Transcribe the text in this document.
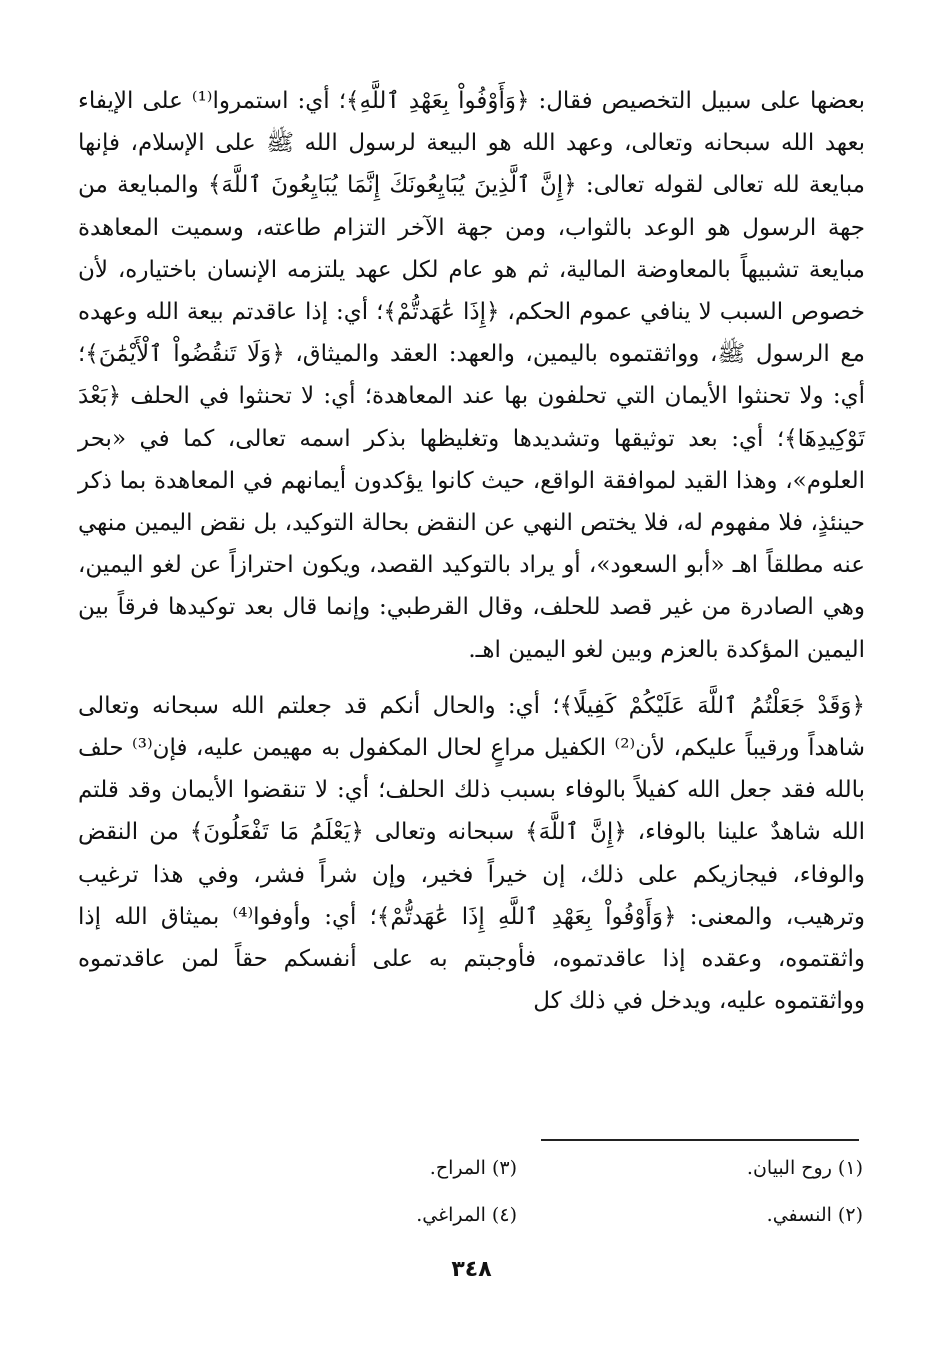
بعضها على سبيل التخصيص فقال: ﴿وَأَوْفُواْ بِعَهْدِ ٱللَّهِ﴾؛ أي: استمروا⁽¹⁾ على الإيفاء بعهد الله سبحانه وتعالى، وعهد الله هو البيعة لرسول الله ﷺ على الإسلام، فإنها مبايعة لله تعالى لقوله تعالى: ﴿إِنَّ ٱلَّذِينَ يُبَايِعُونَكَ إِنَّمَا يُبَايِعُونَ ٱللَّهَ﴾ والمبايعة من جهة الرسول هو الوعد بالثواب، ومن جهة الآخر التزام طاعته، وسميت المعاهدة مبايعة تشبيهاً بالمعاوضة المالية، ثم هو عام لكل عهد يلتزمه الإنسان باختياره، لأن خصوص السبب لا ينافي عموم الحكم، ﴿إِذَا عَٰهَدتُّمْ﴾؛ أي: إذا عاقدتم بيعة الله وعهده مع الرسول ﷺ، وواثقتموه باليمين، والعهد: العقد والميثاق، ﴿وَلَا تَنقُضُواْ ٱلْأَيْمَٰنَ﴾؛ أي: ولا تحنثوا الأيمان التي تحلفون بها عند المعاهدة؛ أي: لا تحنثوا في الحلف ﴿بَعْدَ تَوْكِيدِهَا﴾؛ أي: بعد توثيقها وتشديدها وتغليظها بذكر اسمه تعالى، كما في «بحر العلوم»، وهذا القيد لموافقة الواقع، حيث كانوا يؤكدون أيمانهم في المعاهدة بما ذكر حينئذٍ، فلا مفهوم له، فلا يختص النهي عن النقض بحالة التوكيد، بل نقض اليمين منهي عنه مطلقاً اهـ «أبو السعود»، أو يراد بالتوكيد القصد، ويكون احترازاً عن لغو اليمين، وهي الصادرة من غير قصد للحلف، وقال القرطبي: وإنما قال بعد توكيدها فرقاً بين اليمين المؤكدة بالعزم وبين لغو اليمين اهـ.

﴿وَقَدْ جَعَلْتُمُ ٱللَّهَ عَلَيْكُمْ كَفِيلًا﴾؛ أي: والحال أنكم قد جعلتم الله سبحانه وتعالى شاهداً ورقيباً عليكم، لأن⁽²⁾ الكفيل مراعٍ لحال المكفول به مهيمن عليه، فإن⁽³⁾ حلف بالله فقد جعل الله كفيلاً بالوفاء بسبب ذلك الحلف؛ أي: لا تنقضوا الأيمان وقد قلتم الله شاهدٌ علينا بالوفاء، ﴿إِنَّ ٱللَّهَ﴾ سبحانه وتعالى ﴿يَعْلَمُ مَا تَفْعَلُونَ﴾ من النقض والوفاء، فيجازيكم على ذلك، إن خيراً فخير، وإن شراً فشر، وفي هذا ترغيب وترهيب، والمعنى: ﴿وَأَوْفُواْ بِعَهْدِ ٱللَّهِ إِذَا عَٰهَدتُّمْ﴾؛ أي: وأوفوا⁽⁴⁾ بميثاق الله إذا واثقتموه، وعقده إذا عاقدتموه، فأوجبتم به على أنفسكم حقاً لمن عاقدتموه وواثقتموه عليه، ويدخل في ذلك كل

(١) روح البيان.
(٣) المراح.
(٢) النسفي.
(٤) المراغي.
٣٤٨
